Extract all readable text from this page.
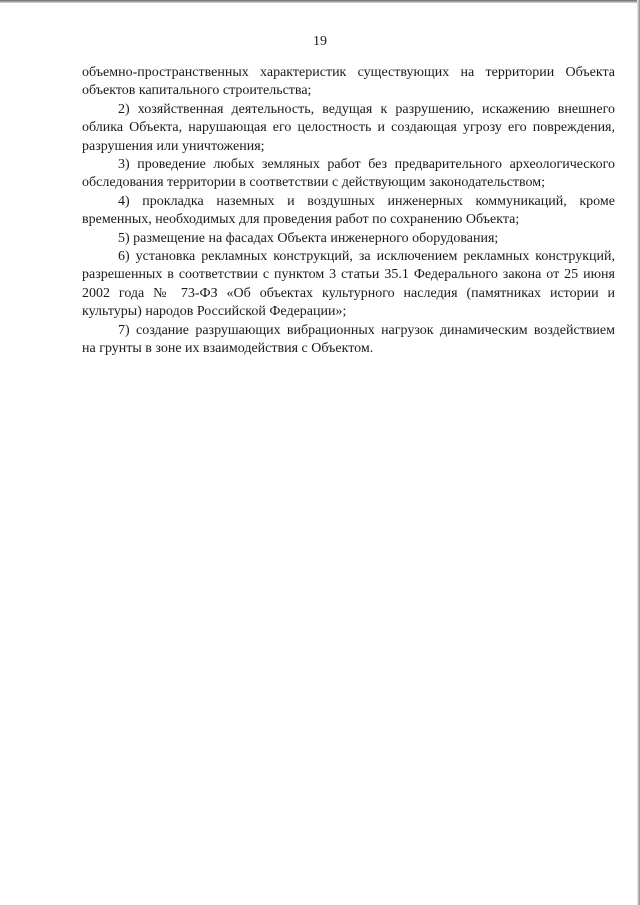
19

объемно-пространственных характеристик существующих на территории Объекта объектов капитального строительства;

2) хозяйственная деятельность, ведущая к разрушению, искажению внешнего облика Объекта, нарушающая его целостность и создающая угрозу его повреждения, разрушения или уничтожения;

3) проведение любых земляных работ без предварительного археологического обследования территории в соответствии с действующим законодательством;

4) прокладка наземных и воздушных инженерных коммуникаций, кроме временных, необходимых для проведения работ по сохранению Объекта;

5) размещение на фасадах Объекта инженерного оборудования;

6) установка рекламных конструкций, за исключением рекламных конструкций, разрешенных в соответствии с пунктом 3 статьи 35.1 Федерального закона от 25 июня 2002 года № 73-ФЗ «Об объектах культурного наследия (памятниках истории и культуры) народов Российской Федерации»;

7) создание разрушающих вибрационных нагрузок динамическим воздействием на грунты в зоне их взаимодействия с Объектом.
